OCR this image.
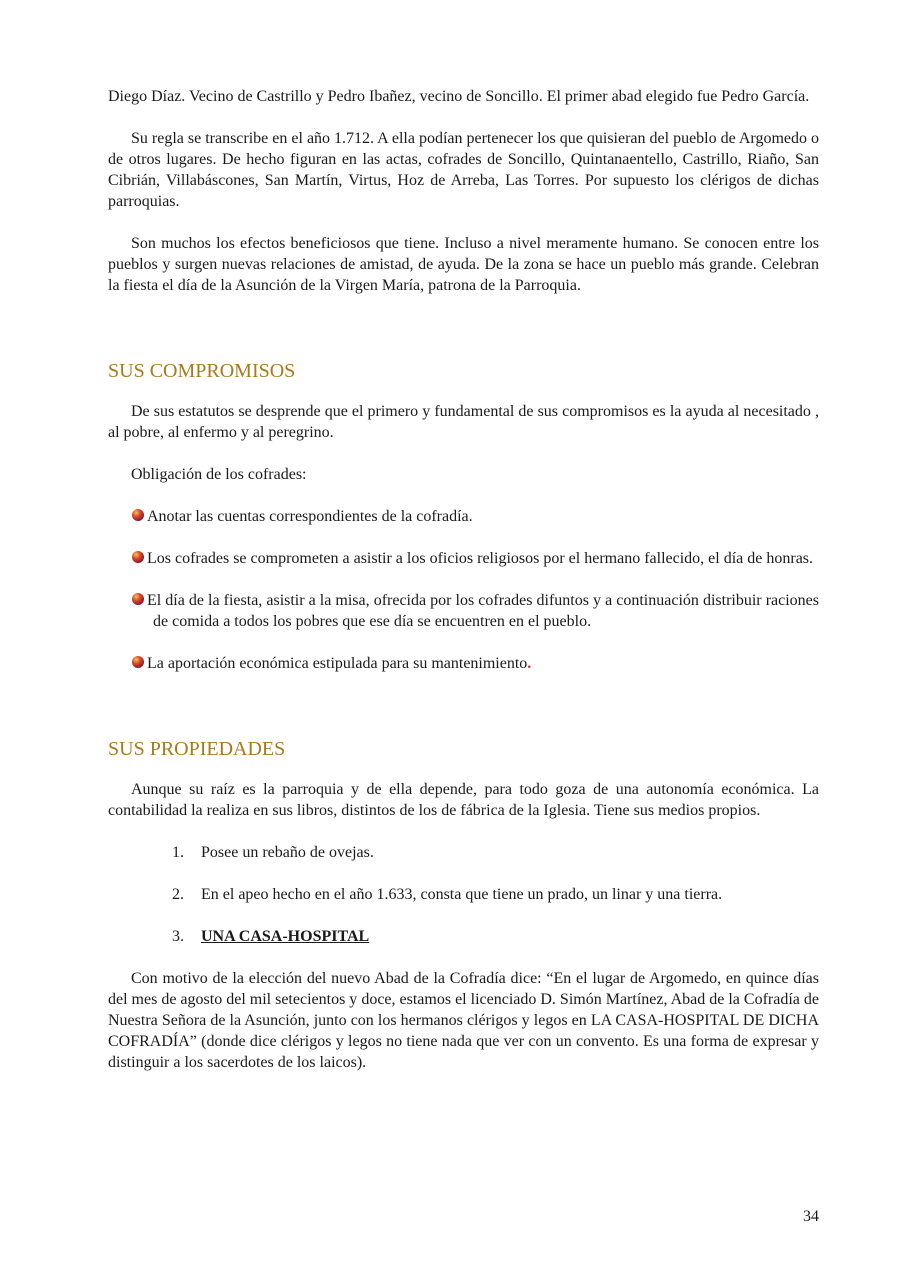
Diego Díaz. Vecino de Castrillo y Pedro Ibañez, vecino de Soncillo. El primer abad elegido fue Pedro García.

Su regla se transcribe en el año 1.712. A ella podían pertenecer los que quisieran del pueblo de Argomedo o de otros lugares. De hecho figuran en las actas, cofrades de Soncillo, Quintanaentello, Castrillo, Riaño, San Cibrián, Villabáscones, San Martín, Virtus, Hoz de Arreba, Las Torres. Por supuesto los clérigos de dichas parroquias.

Son muchos los efectos beneficiosos que tiene. Incluso a nivel meramente humano. Se conocen entre los pueblos y surgen nuevas relaciones de amistad, de ayuda. De la zona se hace un pueblo más grande. Celebran la fiesta el día de la Asunción de la Virgen María, patrona de la Parroquia.

SUS COMPROMISOS

De sus estatutos se desprende que el primero y fundamental de sus compromisos es la ayuda al necesitado , al pobre, al enfermo y al peregrino.

Obligación de los cofrades:

Anotar las cuentas correspondientes de la cofradía.
Los cofrades se comprometen a asistir a los oficios religiosos por el hermano fallecido, el día de honras.
El día de la fiesta, asistir a la misa, ofrecida por los cofrades difuntos y a continuación distribuir raciones de comida a todos los pobres que ese día se encuentren en el pueblo.
La aportación económica estipulada para su mantenimiento.
SUS PROPIEDADES

Aunque su raíz es la parroquia y de ella depende, para todo goza de una autonomía económica. La contabilidad la realiza en sus libros, distintos de los de fábrica de la Iglesia. Tiene sus medios propios.

1. Posee un rebaño de ovejas.
2. En el apeo hecho en el año 1.633, consta que tiene un prado, un linar y una tierra.
3. UNA CASA-HOSPITAL

Con motivo de la elección del nuevo Abad de la Cofradía dice: “En el lugar de Argomedo, en quince días del mes de agosto del mil setecientos y doce, estamos el licenciado D. Simón Martínez, Abad de la Cofradía de Nuestra Señora de la Asunción, junto con los hermanos clérigos y legos en LA CASA-HOSPITAL DE DICHA COFRADÍA” (donde dice clérigos y legos no tiene nada que ver con un convento. Es una forma de expresar y distinguir a los sacerdotes de los laicos).

34
